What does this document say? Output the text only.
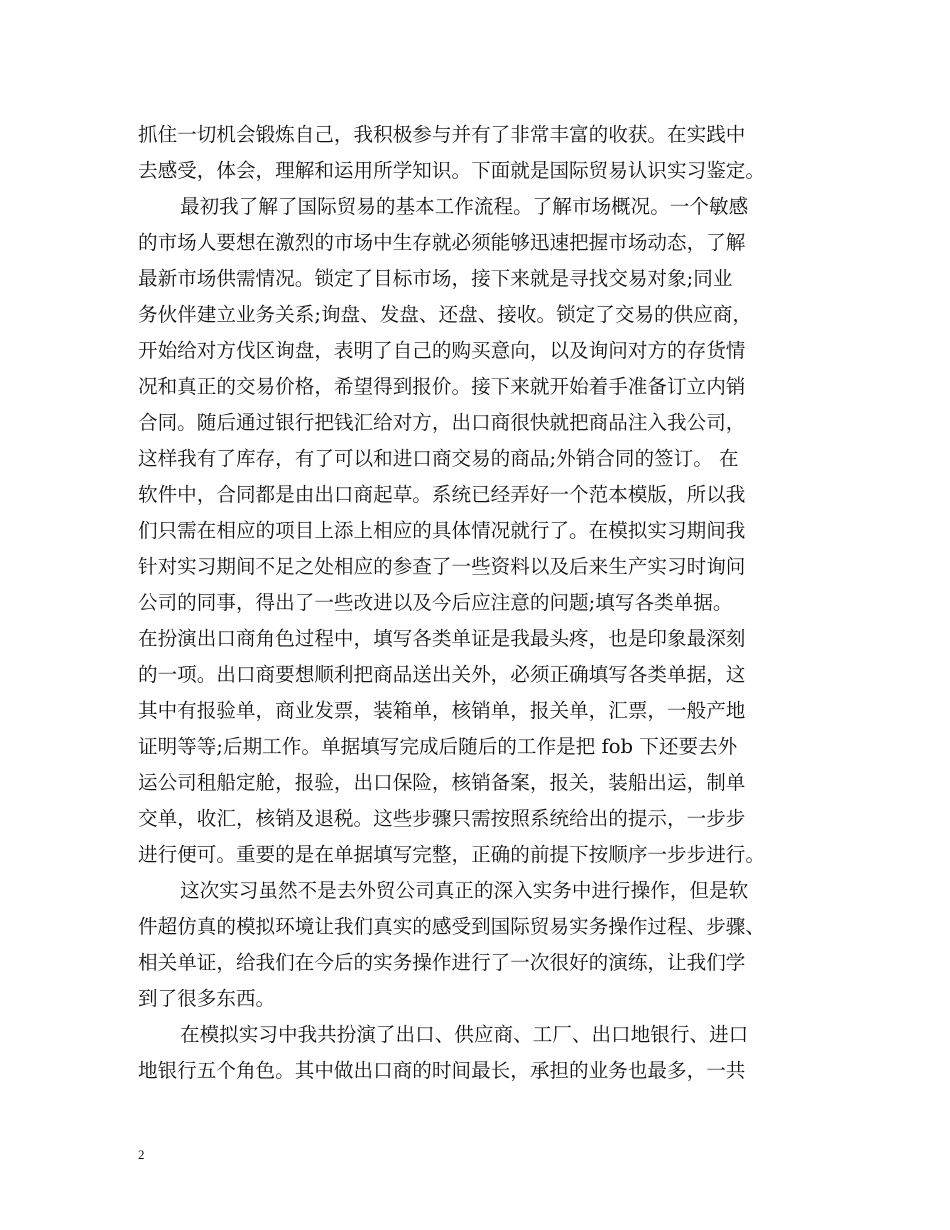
抓住一切机会锻炼自己，我积极参与并有了非常丰富的收获。在实践中
去感受，体会，理解和运用所学知识。下面就是国际贸易认识实习鉴定。
最初我了解了国际贸易的基本工作流程。了解市场概况。一个敏感
的市场人要想在激烈的市场中生存就必须能够迅速把握市场动态，了解
最新市场供需情况。锁定了目标市场，接下来就是寻找交易对象;同业
务伙伴建立业务关系;询盘、发盘、还盘、接收。锁定了交易的供应商，
开始给对方伐区询盘，表明了自己的购买意向，以及询问对方的存货情
况和真正的交易价格，希望得到报价。接下来就开始着手准备订立内销
合同。随后通过银行把钱汇给对方，出口商很快就把商品注入我公司，
这样我有了库存，有了可以和进口商交易的商品;外销合同的签订。 在
软件中，合同都是由出口商起草。系统已经弄好一个范本模版，所以我
们只需在相应的项目上添上相应的具体情况就行了。在模拟实习期间我
针对实习期间不足之处相应的参查了一些资料以及后来生产实习时询问
公司的同事，得出了一些改进以及今后应注意的问题;填写各类单据。
在扮演出口商角色过程中，填写各类单证是我最头疼，也是印象最深刻
的一项。出口商要想顺利把商品送出关外，必须正确填写各类单据，这
其中有报验单，商业发票，装箱单，核销单，报关单，汇票，一般产地
证明等等;后期工作。单据填写完成后随后的工作是把 fob 下还要去外
运公司租船定舱，报验，出口保险，核销备案，报关，装船出运，制单
交单，收汇，核销及退税。这些步骤只需按照系统给出的提示，一步步
进行便可。重要的是在单据填写完整，正确的前提下按顺序一步步进行。
这次实习虽然不是去外贸公司真正的深入实务中进行操作，但是软
件超仿真的模拟环境让我们真实的感受到国际贸易实务操作过程、步骤、
相关单证，给我们在今后的实务操作进行了一次很好的演练，让我们学
到了很多东西。
在模拟实习中我共扮演了出口、供应商、工厂、出口地银行、进口
地银行五个角色。其中做出口商的时间最长，承担的业务也最多，一共
2
